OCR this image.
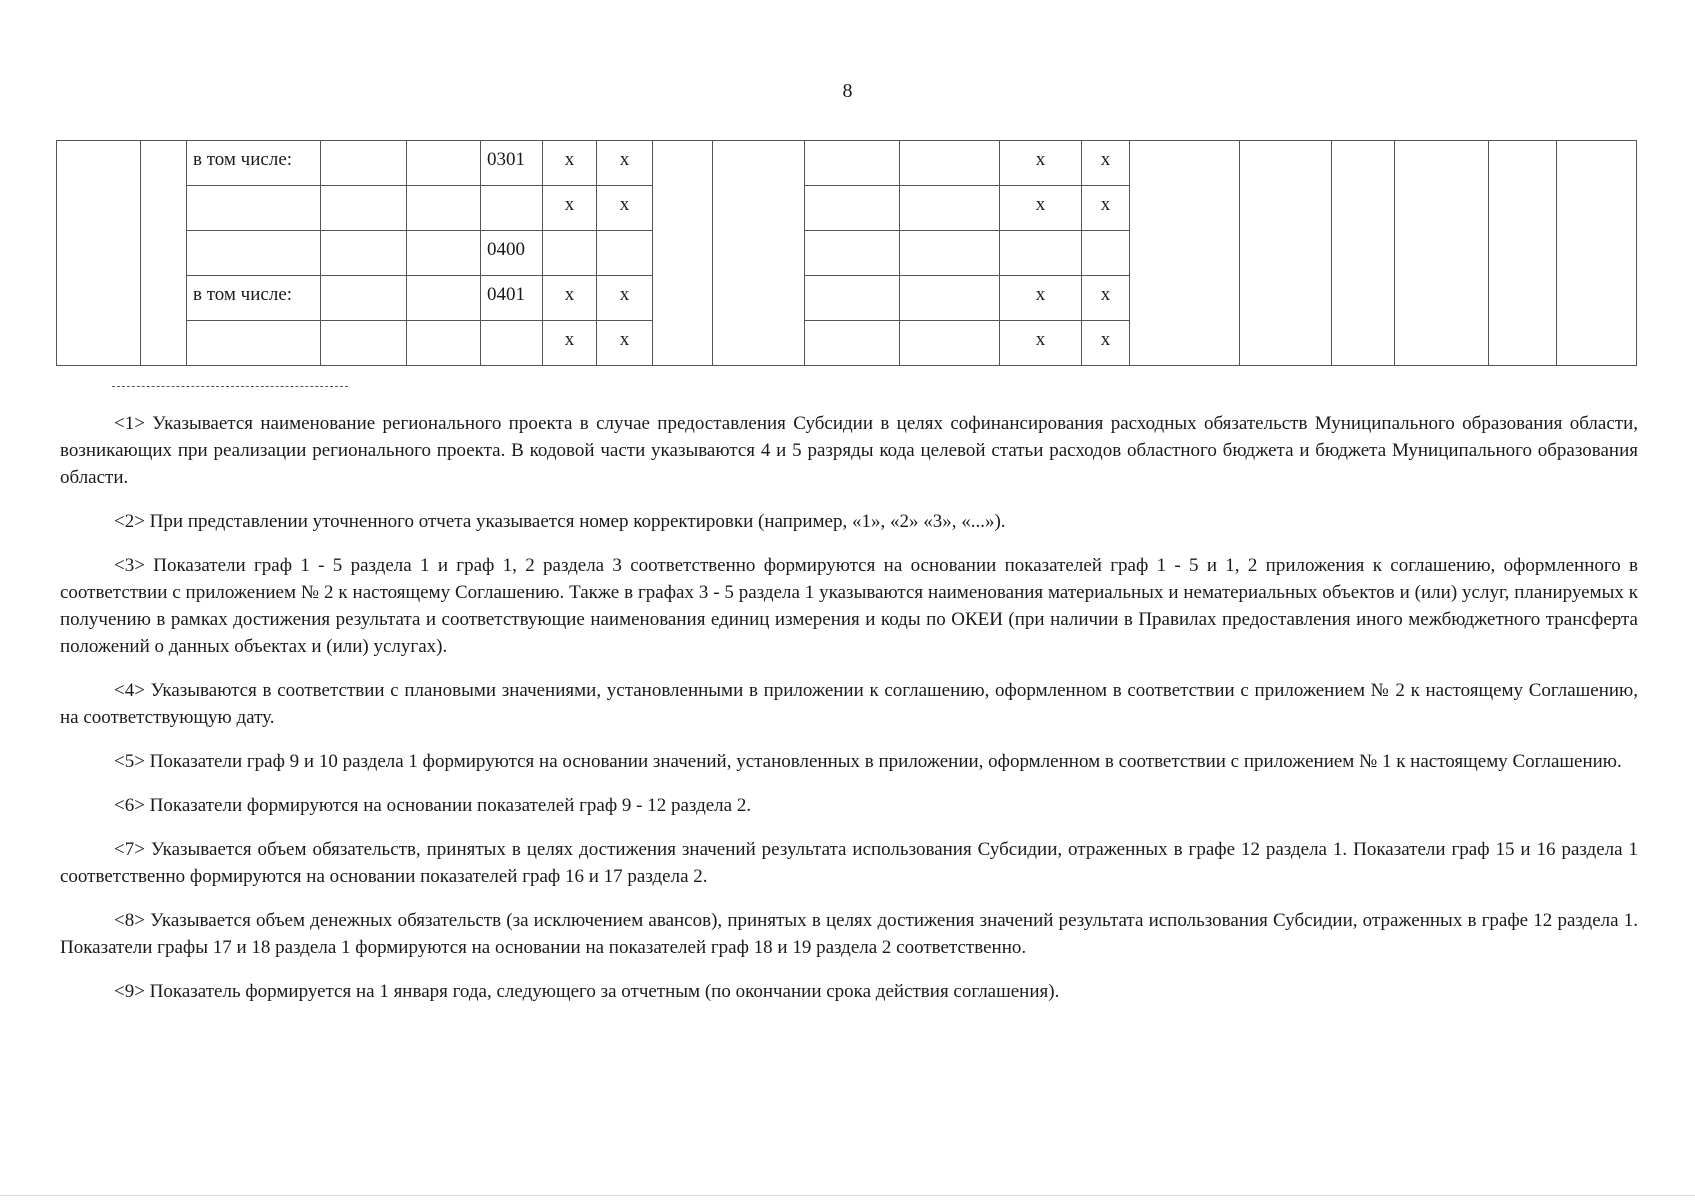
8
		в том числе:			0301	x	x					x	x						
						x	x					x	x						
					0400														
		в том числе:			0401	x	x					x	x						
						x	x					x	x						

<1> Указывается наименование регионального проекта в случае предоставления Субсидии в целях софинансирования расходных обязательств Муниципального образования области, возникающих при реализации регионального проекта. В кодовой части указываются 4 и 5 разряды кода целевой статьи расходов областного бюджета и бюджета Муниципального образования области.

<2> При представлении уточненного отчета указывается номер корректировки (например, «1», «2» «3», «...»).

<3> Показатели граф 1 - 5 раздела 1 и граф 1, 2 раздела 3 соответственно формируются на основании показателей граф 1 - 5 и 1, 2 приложения к соглашению, оформленного в соответствии с приложением № 2 к настоящему Соглашению. Также в графах 3 - 5 раздела 1 указываются наименования материальных и нематериальных объектов и (или) услуг, планируемых к получению в рамках достижения результата и соответствующие наименования единиц измерения и коды по ОКЕИ (при наличии в Правилах предоставления иного межбюджетного трансферта положений о данных объектах и (или) услугах).

<4> Указываются в соответствии с плановыми значениями, установленными в приложении к соглашению, оформленном в соответствии с приложением № 2 к настоящему Соглашению, на соответствующую дату.

<5> Показатели граф 9 и 10 раздела 1 формируются на основании значений, установленных в приложении, оформленном в соответствии с приложением № 1 к настоящему Соглашению.

<6> Показатели формируются на основании показателей граф 9 - 12 раздела 2.

<7> Указывается объем обязательств, принятых в целях достижения значений результата использования Субсидии, отраженных в графе 12 раздела 1. Показатели граф 15 и 16 раздела 1 соответственно формируются на основании показателей граф 16 и 17 раздела 2.

<8> Указывается объем денежных обязательств (за исключением авансов), принятых в целях достижения значений результата использования Субсидии, отраженных в графе 12 раздела 1. Показатели графы 17 и 18 раздела 1 формируются на основании на показателей граф 18 и 19 раздела 2 соответственно.

<9> Показатель формируется на 1 января года, следующего за отчетным (по окончании срока действия соглашения).
